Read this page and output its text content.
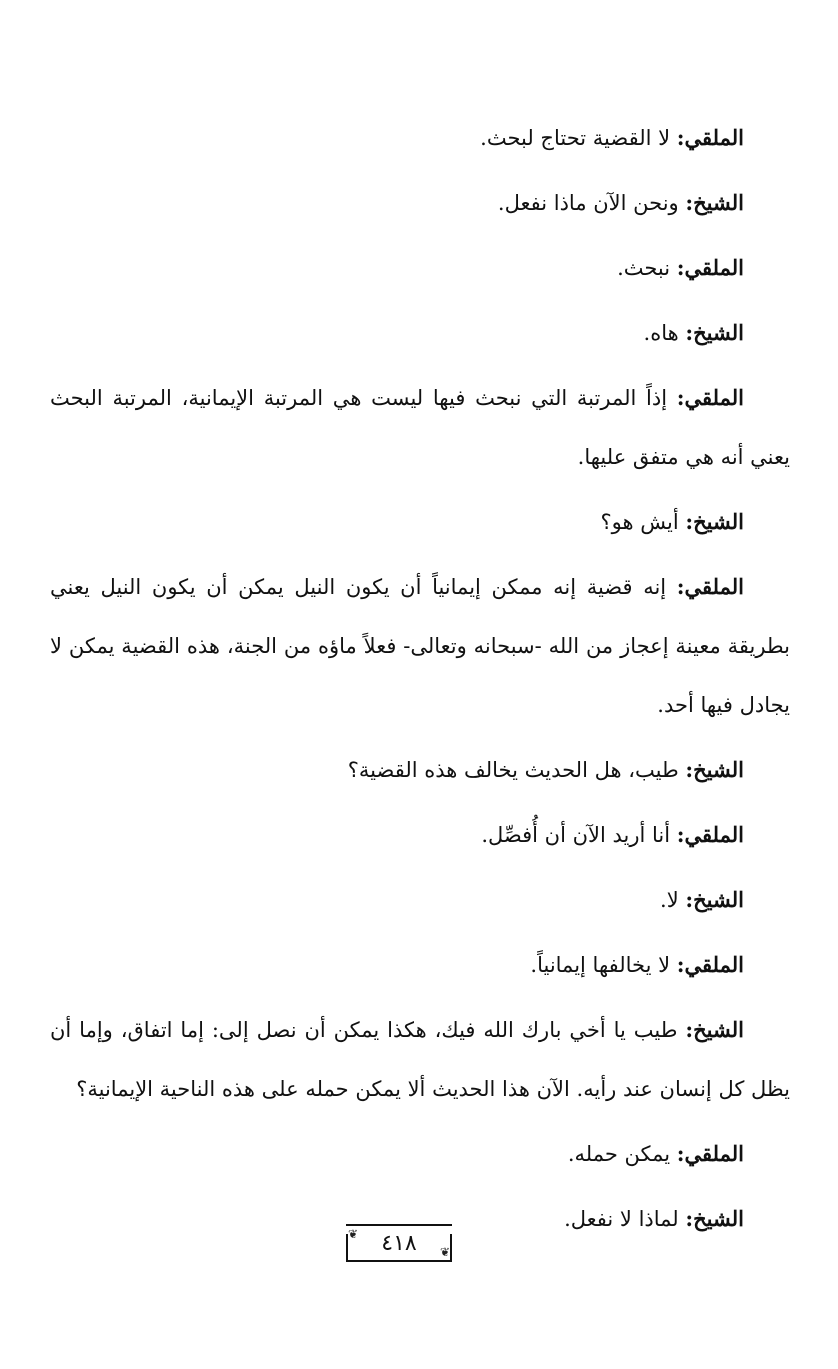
الملقي: لا القضية تحتاج لبحث.

الشيخ: ونحن الآن ماذا نفعل.

الملقي: نبحث.

الشيخ: هاه.

الملقي: إذاً المرتبة التي نبحث فيها ليست هي المرتبة الإيمانية، المرتبة البحث يعني أنه هي متفق عليها.

الشيخ: أيش هو؟

الملقي: إنه قضية إنه ممكن إيمانياً أن يكون النيل يمكن أن يكون النيل يعني بطريقة معينة إعجاز من الله -سبحانه وتعالى- فعلاً ماؤه من الجنة، هذه القضية يمكن لا يجادل فيها أحد.

الشيخ: طيب، هل الحديث يخالف هذه القضية؟

الملقي: أنا أريد الآن أن أُفصِّل.

الشيخ: لا.

الملقي: لا يخالفها إيمانياً.

الشيخ: طيب يا أخي بارك الله فيك، هكذا يمكن أن نصل إلى: إما اتفاق، وإما أن يظل كل إنسان عند رأيه. الآن هذا الحديث ألا يمكن حمله على هذه الناحية الإيمانية؟

الملقي: يمكن حمله.

الشيخ: لماذا لا نفعل.

❦
❦
٤١٨
